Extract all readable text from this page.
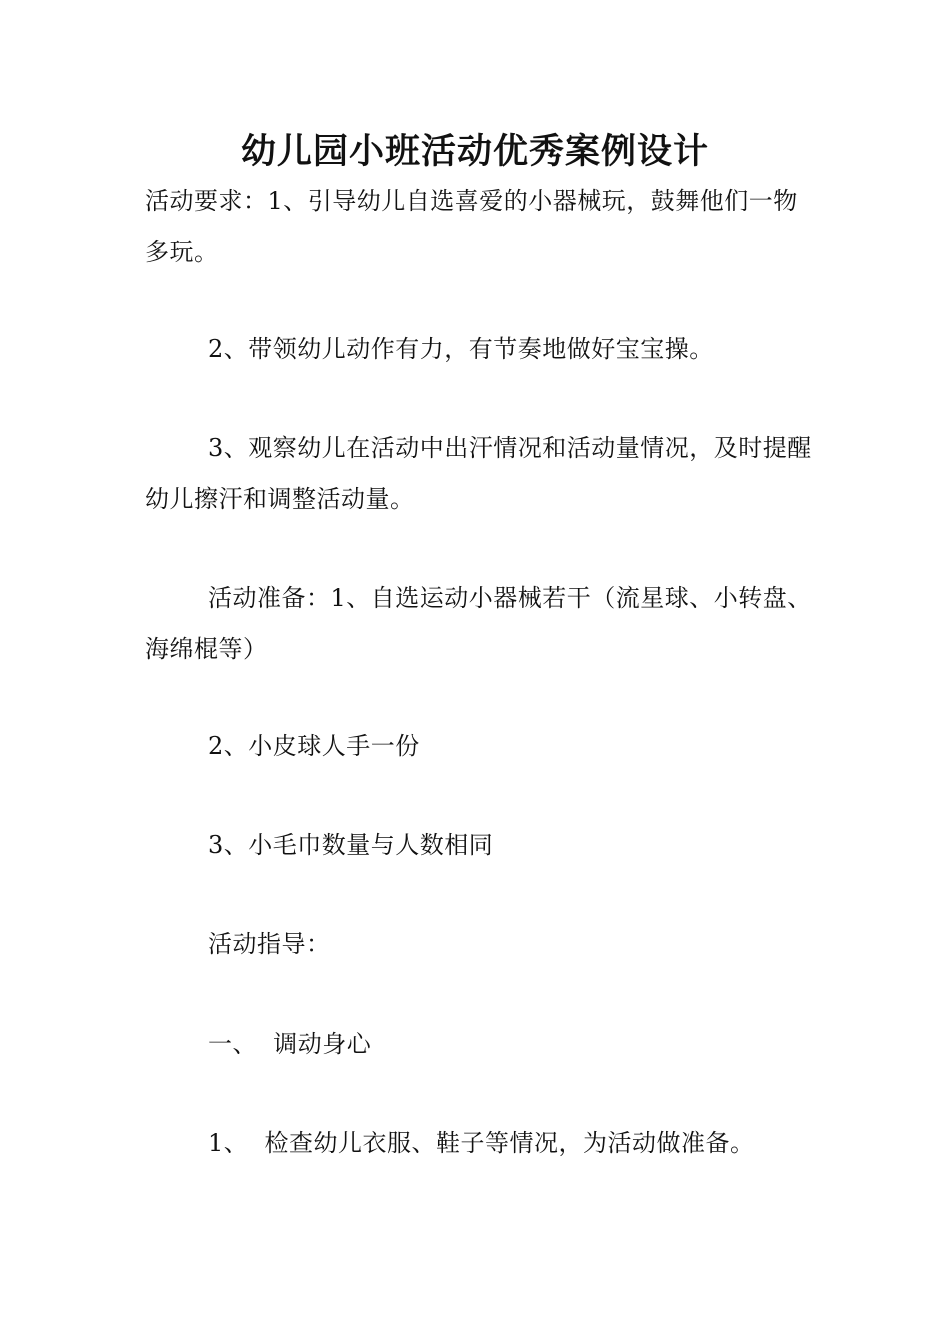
幼儿园小班活动优秀案例设计
活动要求：1、引导幼儿自选喜爱的小器械玩，鼓舞他们一物多玩。
2、带领幼儿动作有力，有节奏地做好宝宝操。
3、观察幼儿在活动中出汗情况和活动量情况，及时提醒幼儿擦汗和调整活动量。
活动准备：1、自选运动小器械若干（流星球、小转盘、海绵棍等）
2、小皮球人手一份
3、小毛巾数量与人数相同
活动指导：
一、  调动身心
1、  检查幼儿衣服、鞋子等情况，为活动做准备。
